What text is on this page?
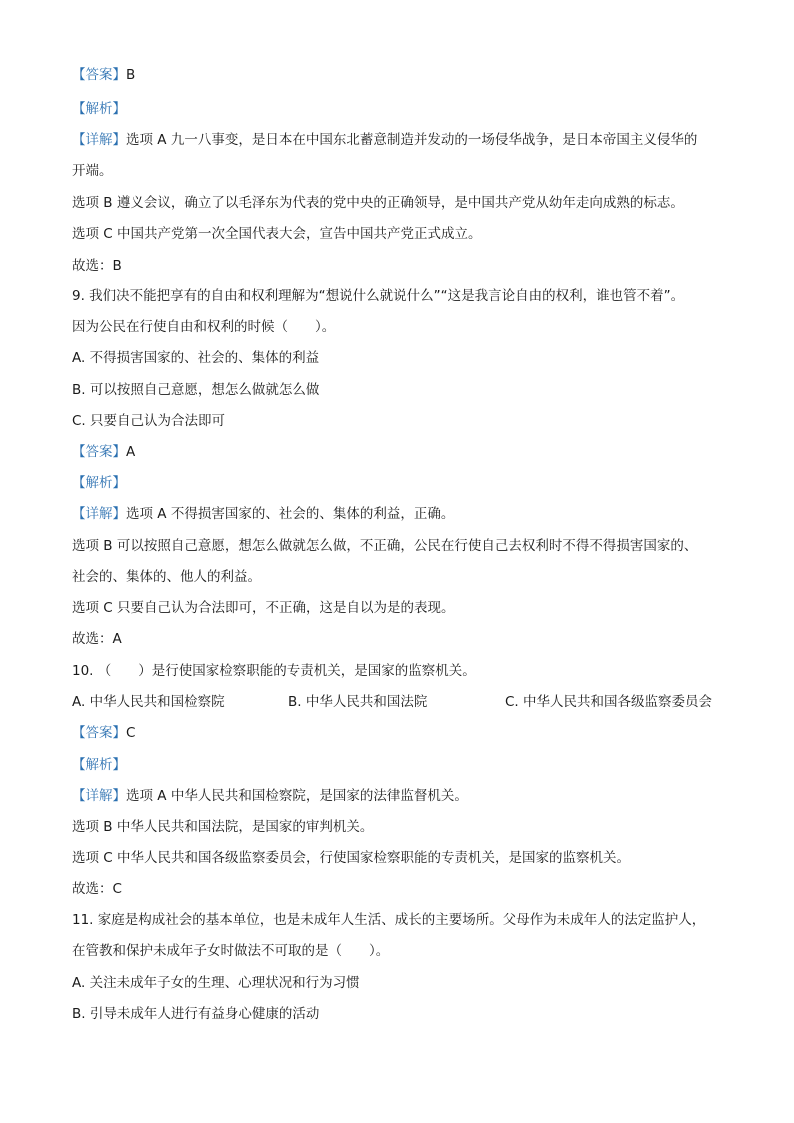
【答案】B
【解析】
【详解】选项 A 九一八事变，是日本在中国东北蓄意制造并发动的一场侵华战争，是日本帝国主义侵华的
开端。
选项 B 遵义会议，确立了以毛泽东为代表的党中央的正确领导，是中国共产党从幼年走向成熟的标志。
选项 C 中国共产党第一次全国代表大会，宣告中国共产党正式成立。
故选：B
9. 我们决不能把享有的自由和权利理解为“想说什么就说什么”“这是我言论自由的权利，谁也管不着”。
因为公民在行使自由和权利的时候（　　）。
A. 不得损害国家的、社会的、集体的利益
B. 可以按照自己意愿，想怎么做就怎么做
C. 只要自己认为合法即可
【答案】A
【解析】
【详解】选项 A 不得损害国家的、社会的、集体的利益，正确。
选项 B 可以按照自己意愿，想怎么做就怎么做，不正确，公民在行使自己去权利时不得不得损害国家的、
社会的、集体的、他人的利益。
选项 C 只要自己认为合法即可，不正确，这是自以为是的表现。
故选：A
10. （　　）是行使国家检察职能的专责机关，是国家的监察机关。
A. 中华人民共和国检察院	B. 中华人民共和国法院	C. 中华人民共和国各级监察委员会
【答案】C
【解析】
【详解】选项 A 中华人民共和国检察院，是国家的法律监督机关。
选项 B 中华人民共和国法院，是国家的审判机关。
选项 C 中华人民共和国各级监察委员会，行使国家检察职能的专责机关，是国家的监察机关。
故选：C
11. 家庭是构成社会的基本单位，也是未成年人生活、成长的主要场所。父母作为未成年人的法定监护人，
在管教和保护未成年子女时做法不可取的是（　　）。
A. 关注未成年子女的生理、心理状况和行为习惯
B. 引导未成年人进行有益身心健康的活动
